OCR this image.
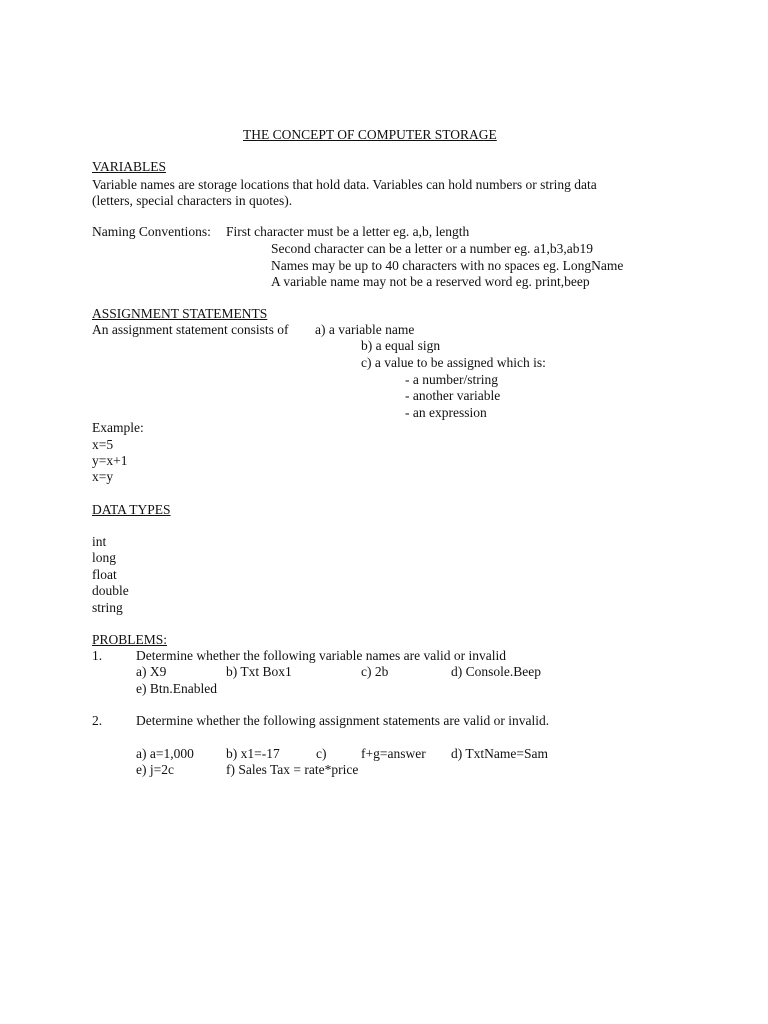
THE CONCEPT OF COMPUTER STORAGE
VARIABLES
Variable names are storage locations that hold data. Variables can hold numbers or string data
(letters, special characters in quotes).
Naming Conventions: First character must be a letter eg. a,b, length
Second character can be a letter or a number eg. a1,b3,ab19
Names may be up to 40 characters with no spaces eg. LongName
A variable name may not be a reserved word eg. print,beep
ASSIGNMENT STATEMENTS
An assignment statement consists of a) a variable name
b) a equal sign
c) a value to be assigned which is:
- a number/string
- another variable
- an expression
Example:
x=5
y=x+1
x=y
DATA TYPES
int
long
float
double
string
PROBLEMS:
1.	Determine whether the following variable names are valid or invalid
a) X9	b) Txt Box1	c) 2b	d) Console.Beep
e) Btn.Enabled
2.	Determine whether the following assignment statements are valid or invalid.
a) a=1,000 b) x1=-17	c)	f+g=answer d) TxtName=Sam
e) j=2c	f) Sales Tax = rate*price
